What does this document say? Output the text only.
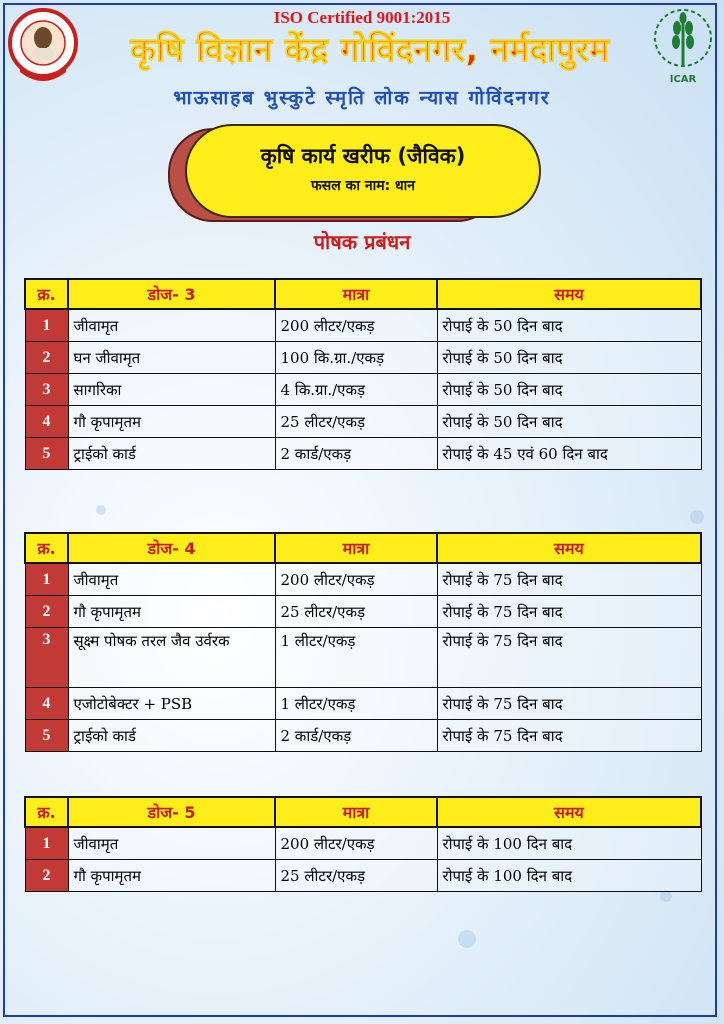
ICAR
ISO Certified 9001:2015
कृषि विज्ञान केंद्र गोविंदनगर, नर्मदापुरम
भाऊसाहब भुस्कुटे स्मृति लोक न्यास गोविंदनगर
कृषि कार्य खरीफ (जैविक)
फसल का नाम: धान
पोषक प्रबंधन
क्र.	डोज- 3	मात्रा	समय
1	जीवामृत	200 लीटर/एकड़	रोपाई के 50 दिन बाद
2	घन जीवामृत	100 कि.ग्रा./एकड़	रोपाई के 50 दिन बाद
3	सागरिका	4 कि.ग्रा./एकड़	रोपाई के 50 दिन बाद
4	गौ कृपामृतम	25 लीटर/एकड़	रोपाई के 50 दिन बाद
5	ट्राईको कार्ड	2 कार्ड/एकड़	रोपाई के 45 एवं 60 दिन बाद
क्र.	डोज- 4	मात्रा	समय
1	जीवामृत	200 लीटर/एकड़	रोपाई के 75 दिन बाद
2	गौ कृपामृतम	25 लीटर/एकड़	रोपाई के 75 दिन बाद
3	सूक्ष्म पोषक तरल जैव उर्वरक	1 लीटर/एकड़	रोपाई के 75 दिन बाद
4	एजोटोबेक्टर + PSB	1 लीटर/एकड़	रोपाई के 75 दिन बाद
5	ट्राईको कार्ड	2 कार्ड/एकड़	रोपाई के 75 दिन बाद
क्र.	डोज- 5	मात्रा	समय
1	जीवामृत	200 लीटर/एकड़	रोपाई के 100 दिन बाद
2	गौ कृपामृतम	25 लीटर/एकड़	रोपाई के 100 दिन बाद
